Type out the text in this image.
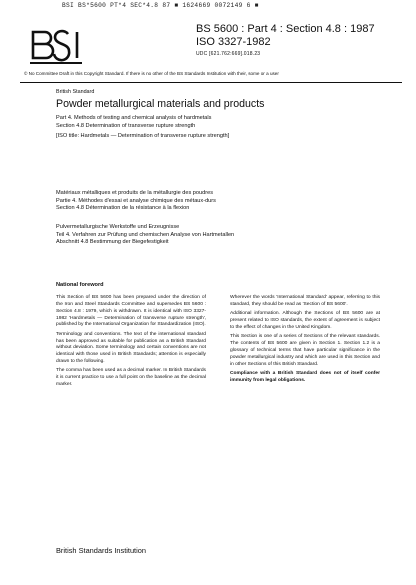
BSI BS*5600 PT*4 SEC*4.8 87 ■ 1624669 0072149 6 ■
BS 5600 : Part 4 : Section 4.8 : 1987
ISO 3327-1982
UDC [621.762:669].018.23
© No Committee Draft in this Copyright Standard. If there is no other of the BS Standards Institution with their, some or a user
British Standard
Powder metallurgical materials and products
Part 4. Methods of testing and chemical analysis of hardmetals
Section 4.8 Determination of transverse rupture strength
[ISO title: Hardmetals — Determination of transverse rupture strength]
Matériaux métalliques et produits de la métallurgie des poudres
Partie 4. Méthodes d'essai et analyse chimique des métaux-durs
Section 4.8 Détermination de la résistance à la flexion
Pulvermetallurgische Werkstoffe und Erzeugnisse
Teil 4. Verfahren zur Prüfung und chemischen Analyse von Hartmetallen
Abschnitt 4.8 Bestimmung der Biegefestigkeit
National foreword

This Section of BS 5600 has been prepared under the direction of the Iron and Steel Standards Committee and supersedes BS 5600 : Section 4.8 : 1979, which is withdrawn. It is identical with ISO 3327-1982 'Hardmetals — Determination of transverse rupture strength', published by the International Organization for Standardization (ISO).

Terminology and conventions. The text of the international standard has been approved as suitable for publication as a British Standard without deviation. Some terminology and certain conventions are not identical with those used in British Standards; attention is especially drawn to the following.

The comma has been used as a decimal marker. In British Standards it is current practice to use a full point on the baseline as the decimal marker.

Wherever the words 'International Standard' appear, referring to this standard, they should be read as 'Section of BS 5600'.

Additional information. Although the Sections of BS 5600 are at present related to ISO standards, the extent of agreement is subject to the effect of changes in the United Kingdom.

This Section is one of a series of Sections of the relevant standards. The contents of BS 5600 are given in Section 1. Section 1.2 is a glossary of technical terms that have particular significance in the powder metallurgical industry and which are used in this Section and in other Sections of this British Standard.

Compliance with a British Standard does not of itself confer immunity from legal obligations.

British Standards Institution
